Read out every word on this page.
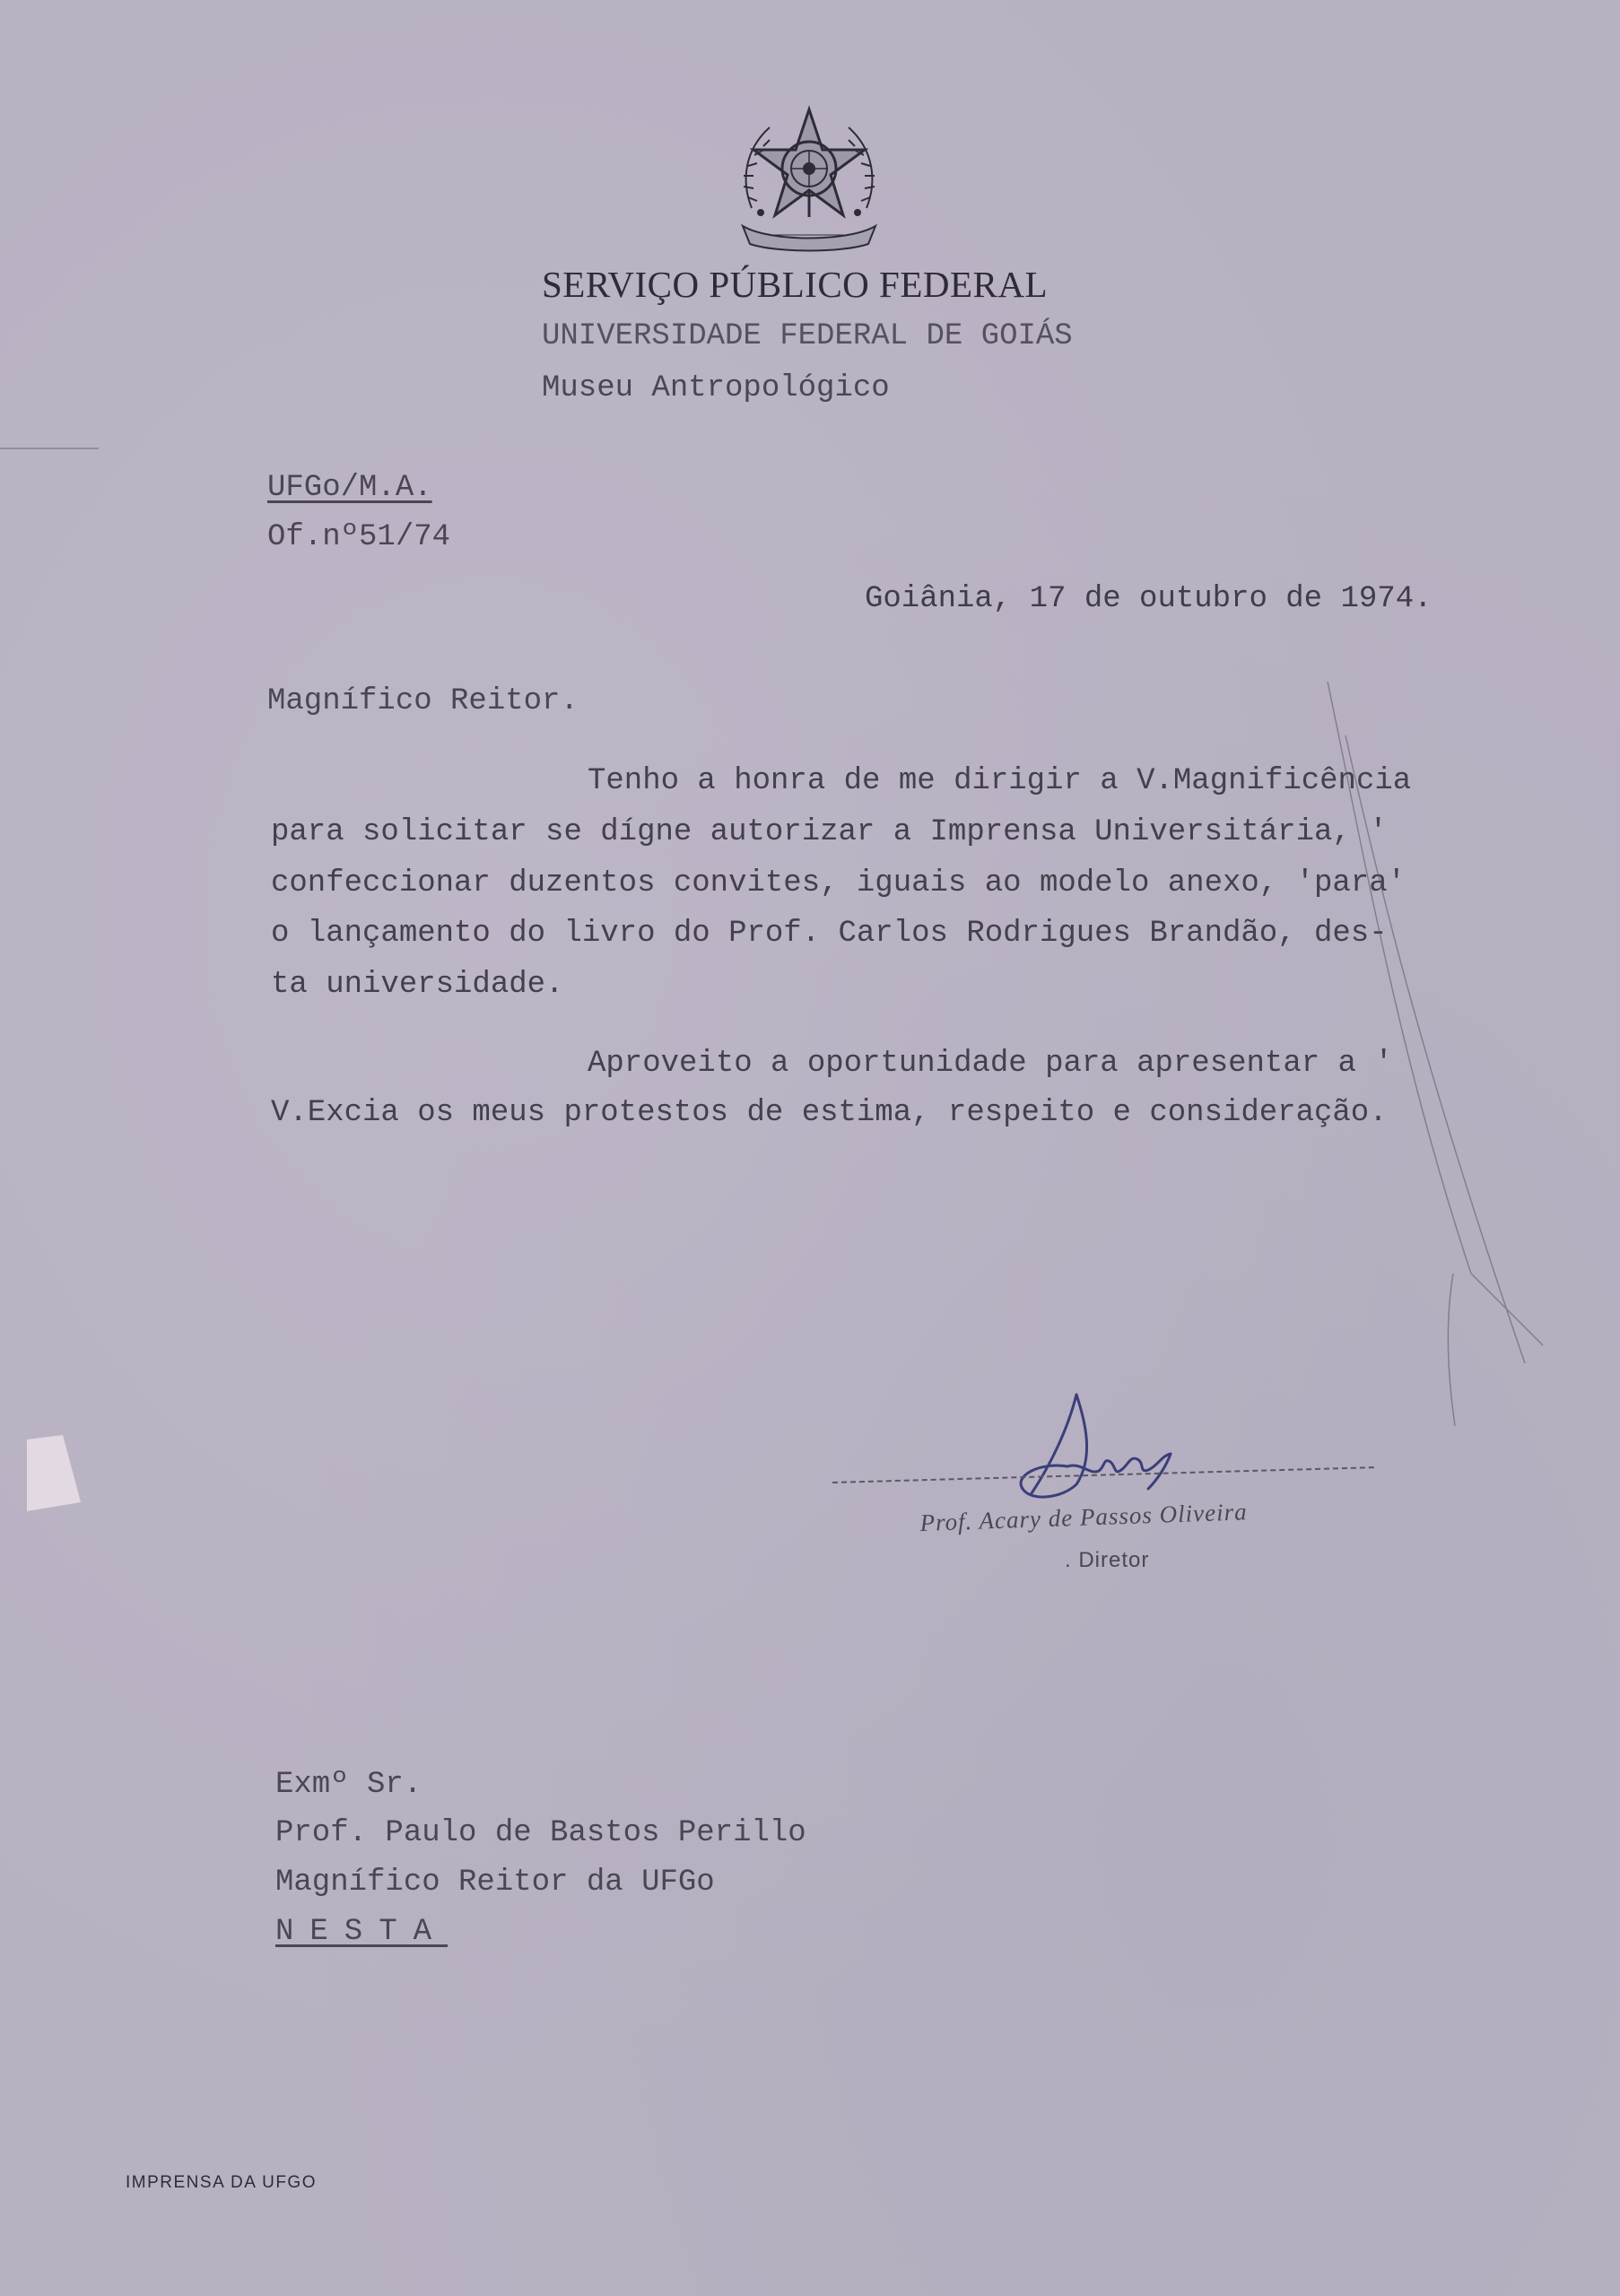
SERVIÇO PÚBLICO FEDERAL
UNIVERSIDADE FEDERAL DE GOIÁS
Museu Antropológico
UFGo/M.A.
Of.nº51/74
Goiânia, 17 de outubro de 1974.
Magnífico Reitor.
Tenho a honra de me dirigir a V.Magnificência
para solicitar se dígne autorizar a Imprensa Universitária, '
confeccionar duzentos convites, iguais ao modelo anexo, 'para'
o lançamento do livro do Prof. Carlos Rodrigues Brandão, des-
ta universidade.
Aproveito a oportunidade para apresentar a '
V.Excia os meus protestos de estima, respeito e consideração.
Prof. Acary de Passos Oliveira
. Diretor
Exmº Sr.
Prof. Paulo de Bastos Perillo
Magnífico Reitor da UFGo
NESTA
IMPRENSA DA UFGO
